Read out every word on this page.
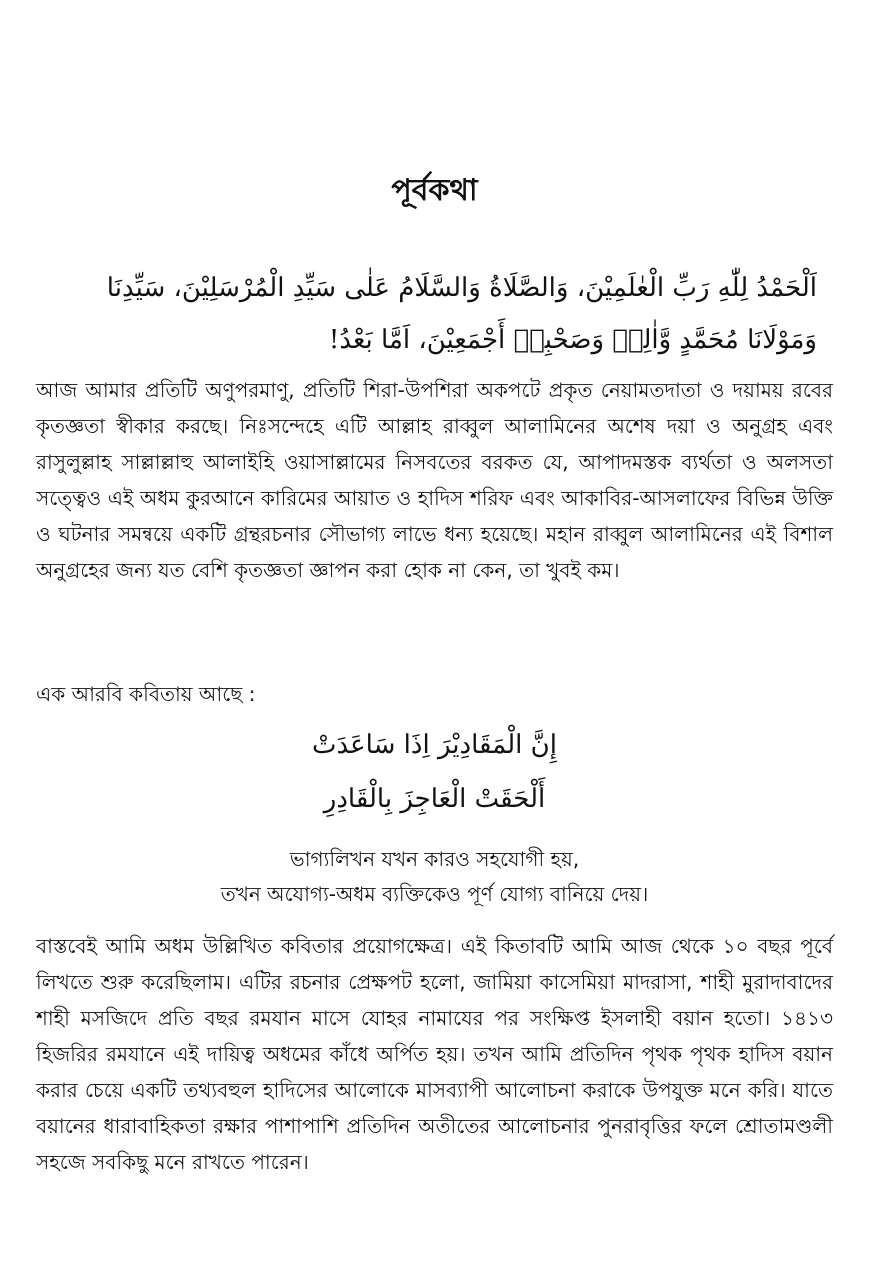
পূর্বকথা
اَلْحَمْدُ لِلّٰهِ رَبِّ الْعٰلَمِيْنَ، وَالصَّلَاةُ وَالسَّلَامُ عَلٰى سَيِّدِ الْمُرْسَلِيْنَ، سَيِّدِنَا
وَمَوْلَانَا مُحَمَّدٍ وَّاٰلِهٖ وَصَحْبِهٖ أَجْمَعِيْنَ، اَمَّا بَعْدُ!
আজ আমার প্রতিটি অণুপরমাণু, প্রতিটি শিরা-উপশিরা অকপটে প্রকৃত নেয়ামতদাতা ও দয়াময় রবের কৃতজ্ঞতা স্বীকার করছে। নিঃসন্দেহে এটি আল্লাহ রাব্বুল আলামিনের অশেষ দয়া ও অনুগ্রহ এবং রাসুলুল্লাহ সাল্লাল্লাহু আলাইহি ওয়াসাল্লামের নিসবতের বরকত যে, আপাদমস্তক ব্যর্থতা ও অলসতা সত্ত্বেও এই অধম কুরআনে কারিমের আয়াত ও হাদিস শরিফ এবং আকাবির-আসলাফের বিভিন্ন উক্তি ও ঘটনার সমন্বয়ে একটি গ্রন্থরচনার সৌভাগ্য লাভে ধন্য হয়েছে। মহান রাব্বুল আলামিনের এই বিশাল অনুগ্রহের জন্য যত বেশি কৃতজ্ঞতা জ্ঞাপন করা হোক না কেন, তা খুবই কম।
এক আরবি কবিতায় আছে :
إِنَّ الْمَقَادِيْرَ اِذَا سَاعَدَتْ
أَلْحَقَتْ الْعَاجِزَ بِالْقَادِرِ
ভাগ্যলিখন যখন কারও সহযোগী হয়,
তখন অযোগ্য-অধম ব্যক্তিকেও পূর্ণ যোগ্য বানিয়ে দেয়।
বাস্তবেই আমি অধম উল্লিখিত কবিতার প্রয়োগক্ষেত্র। এই কিতাবটি আমি আজ থেকে ১০ বছর পূর্বে লিখতে শুরু করেছিলাম। এটির রচনার প্রেক্ষপট হলো, জামিয়া কাসেমিয়া মাদরাসা, শাহী মুরাদাবাদের শাহী মসজিদে প্রতি বছর রমযান মাসে যোহর নামাযের পর সংক্ষিপ্ত ইসলাহী বয়ান হতো। ১৪১৩ হিজরির রমযানে এই দায়িত্ব অধমের কাঁধে অর্পিত হয়। তখন আমি প্রতিদিন পৃথক পৃথক হাদিস বয়ান করার চেয়ে একটি তথ্যবহুল হাদিসের আলোকে মাসব্যাপী আলোচনা করাকে উপযুক্ত মনে করি। যাতে বয়ানের ধারাবাহিকতা রক্ষার পাশাপাশি প্রতিদিন অতীতের আলোচনার পুনরাবৃত্তির ফলে শ্রোতামণ্ডলী সহজে সবকিছু মনে রাখতে পারেন।
